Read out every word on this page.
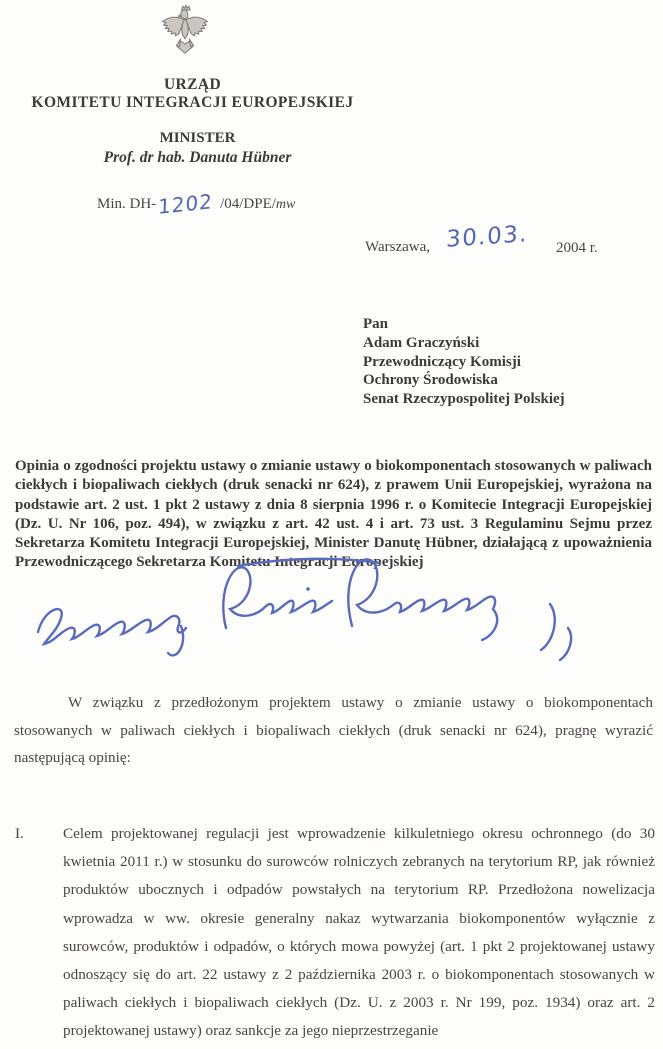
URZĄD
KOMITETU INTEGRACJI EUROPEJSKIEJ
MINISTER
Prof. dr hab. Danuta Hübner
Min. DH-1202 /04/DPE/mw
Warszawa, 30.03. 2004 r.
Pan
Adam Graczyński
Przewodniczący Komisji
Ochrony Środowiska
Senat Rzeczypospolitej Polskiej
Opinia o zgodności projektu ustawy o zmianie ustawy o biokomponentach stosowanych w paliwach ciekłych i biopaliwach ciekłych (druk senacki nr 624), z prawem Unii Europejskiej, wyrażona na podstawie art. 2 ust. 1 pkt 2 ustawy z dnia 8 sierpnia 1996 r. o Komitecie Integracji Europejskiej (Dz. U. Nr 106, poz. 494), w związku z art. 42 ust. 4 i art. 73 ust. 3 Regulaminu Sejmu przez Sekretarza Komitetu Integracji Europejskiej, Minister Danutę Hübner, działającą z upoważnienia Przewodniczącego Sekretarza Komitetu Integracji Europejskiej
W związku z przedłożonym projektem ustawy o zmianie ustawy o biokomponentach stosowanych w paliwach ciekłych i biopaliwach ciekłych (druk senacki nr 624), pragnę wyrazić następującą opinię:
I.	Celem projektowanej regulacji jest wprowadzenie kilkuletniego okresu ochronnego (do 30 kwietnia 2011 r.) w stosunku do surowców rolniczych zebranych na terytorium RP, jak również produktów ubocznych i odpadów powstałych na terytorium RP. Przedłożona nowelizacja wprowadza w ww. okresie generalny nakaz wytwarzania biokomponentów wyłącznie z surowców, produktów i odpadów, o których mowa powyżej (art. 1 pkt 2 projektowanej ustawy odnoszący się do art. 22 ustawy z 2 października 2003 r. o biokomponentach stosowanych w paliwach ciekłych i biopaliwach ciekłych (Dz. U. z 2003 r. Nr 199, poz. 1934) oraz art. 2 projektowanej ustawy) oraz sankcje za jego nieprzestrzeganie
